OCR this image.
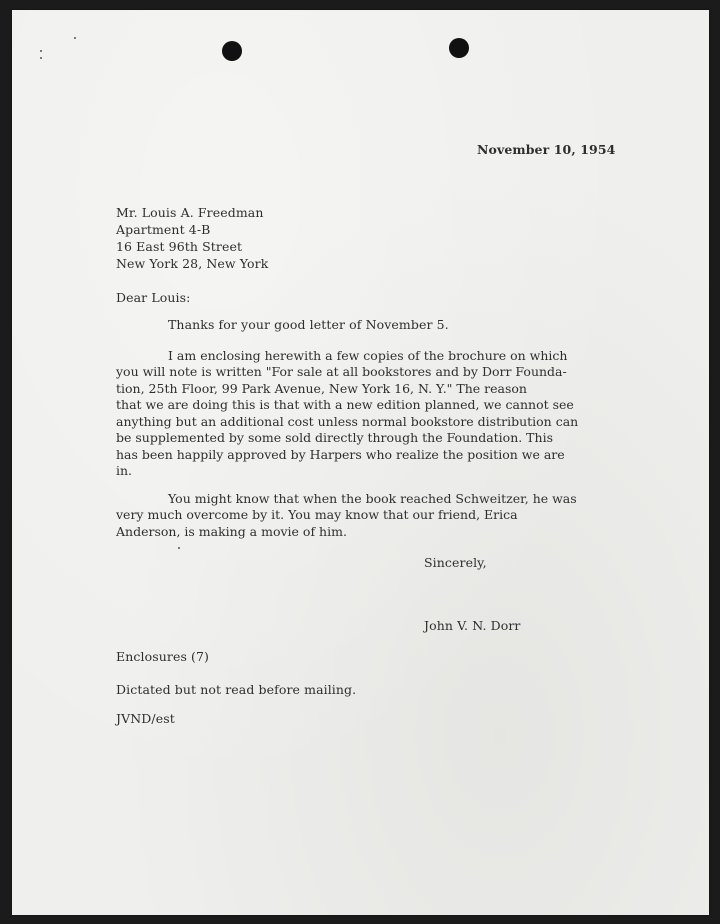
November 10, 1954
Mr. Louis A. Freedman
Apartment 4-B
16 East 96th Street
New York 28, New York
Dear Louis:
Thanks for your good letter of November 5.
I am enclosing herewith a few copies of the brochure on which
you will note is written "For sale at all bookstores and by Dorr Founda-
tion, 25th Floor, 99 Park Avenue, New York 16, N. Y." The reason
that we are doing this is that with a new edition planned, we cannot see
anything but an additional cost unless normal bookstore distribution can
be supplemented by some sold directly through the Foundation. This
has been happily approved by Harpers who realize the position we are
in.
You might know that when the book reached Schweitzer, he was
very much overcome by it. You may know that our friend, Erica
Anderson, is making a movie of him.
Sincerely,
John V. N. Dorr
Enclosures (7)
Dictated but not read before mailing.
JVND/est
